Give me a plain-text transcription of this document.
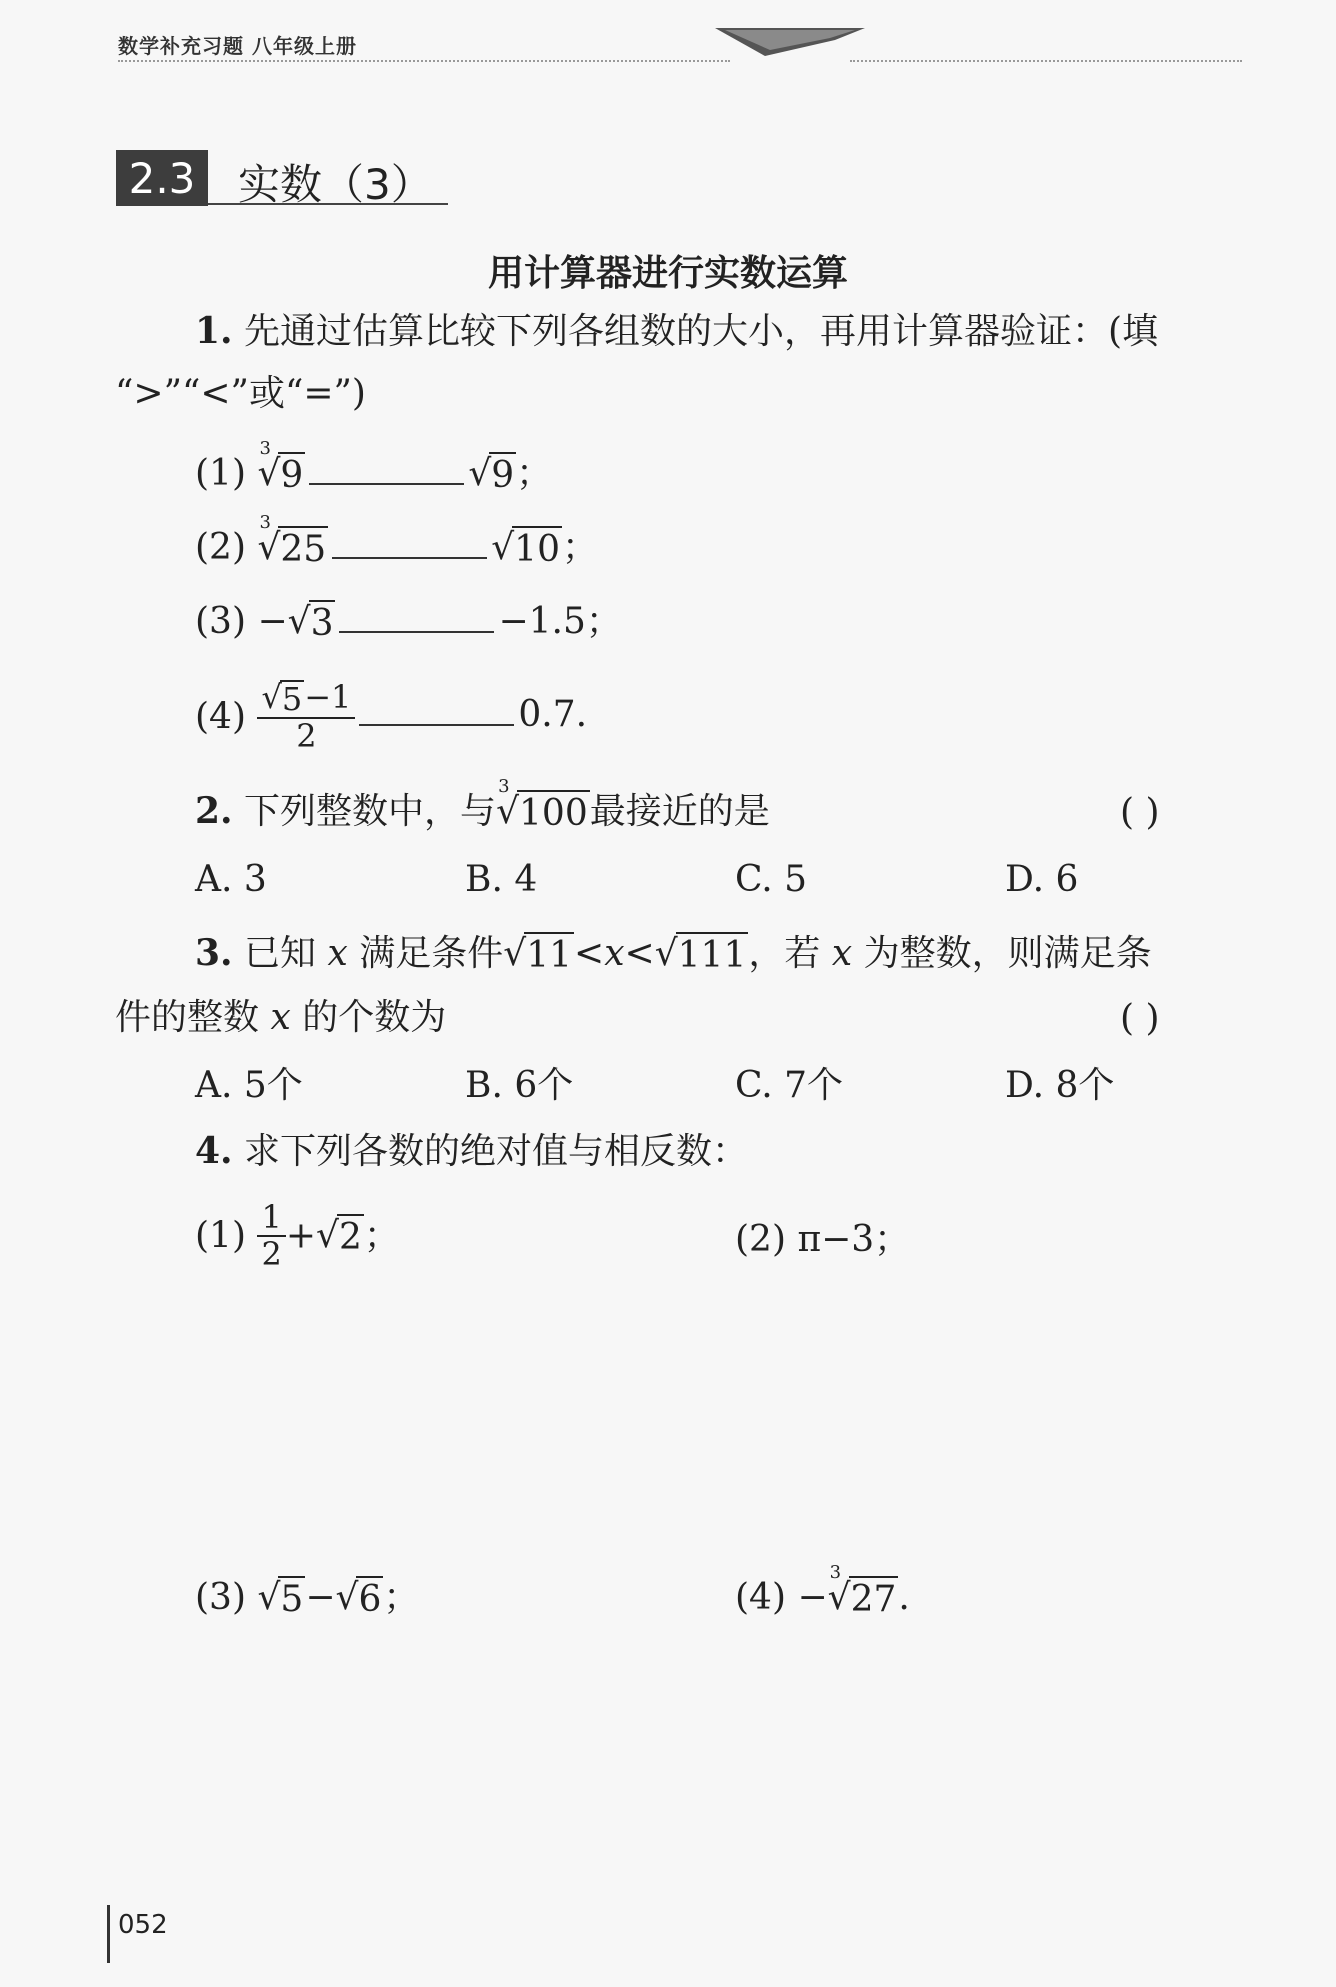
数学补充习题 八年级上册
2.3	实数（3）
用计算器进行实数运算
1. 先通过估算比较下列各组数的大小，再用计算器验证：(填
“>”“<”或“=”)
(1)
3
√ 9	√ 9 ；
(2)
3
√ 25	√ 10 ；
(3) − √ 3	−1.5；
$(4) \frac{√ 5 -1}{2}$	0.7.
2. 下列整数中，与
3
√ 100 最接近的是	( )
A. 3	B. 4	C. 5	D. 6
3. 已知 x 满足条件 √ 11 <x< √ 111 ，若 x 为整数，则满足条
件的整数 x 的个数为	( )
A. 5个	B. 6个	C. 7个	D. 8个
4. 求下列各数的绝对值与相反数：
$(1) \frac{1}{2}$ + √ 2 ；	(2) π−3；
(3) √ 5 − √ 6 ；	(4) −
3
√ 27 .
052
